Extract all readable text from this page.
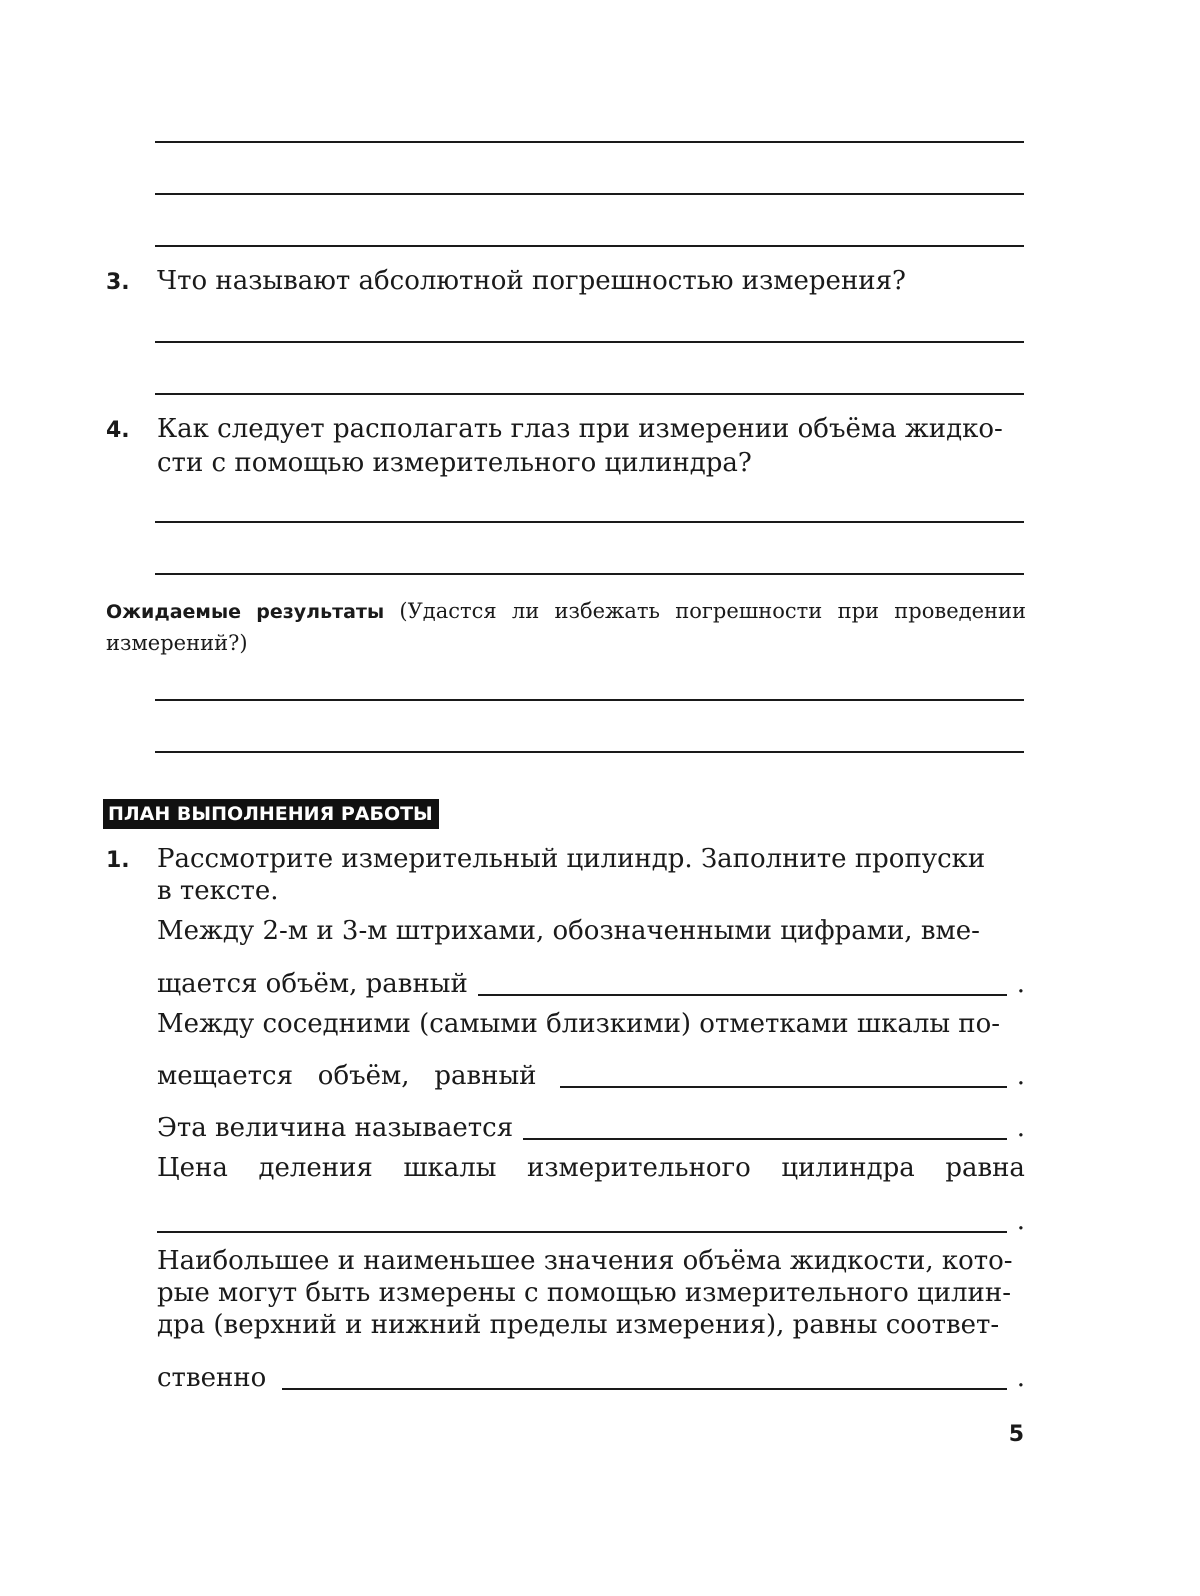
3. Что называют абсолютной погрешностью измерения?
4. Как следует располагать глаз при измерении объёма жидко-
сти с помощью измерительного цилиндра?

Ожидаемые результаты (Удастся ли избежать погрешности при проведении измерений?)

ПЛАН ВЫПОЛНЕНИЯ РАБОТЫ
1. Рассмотрите измерительный цилиндр. Заполните пропуски
в тексте.
Между 2-м и 3-м штрихами, обозначенными цифрами, вме-
щается объём, равный	.
Между соседними (самыми близкими) отметками шкалы по-
мещается   объём,   равный	.
Эта величина называется	.
Цена деления шкалы измерительного цилиндра равна
.
Наибольшее и наименьшее значения объёма жидкости, кото-
рые могут быть измерены с помощью измерительного цилин-
дра (верхний и нижний пределы измерения), равны соответ-
ственно	.
5
